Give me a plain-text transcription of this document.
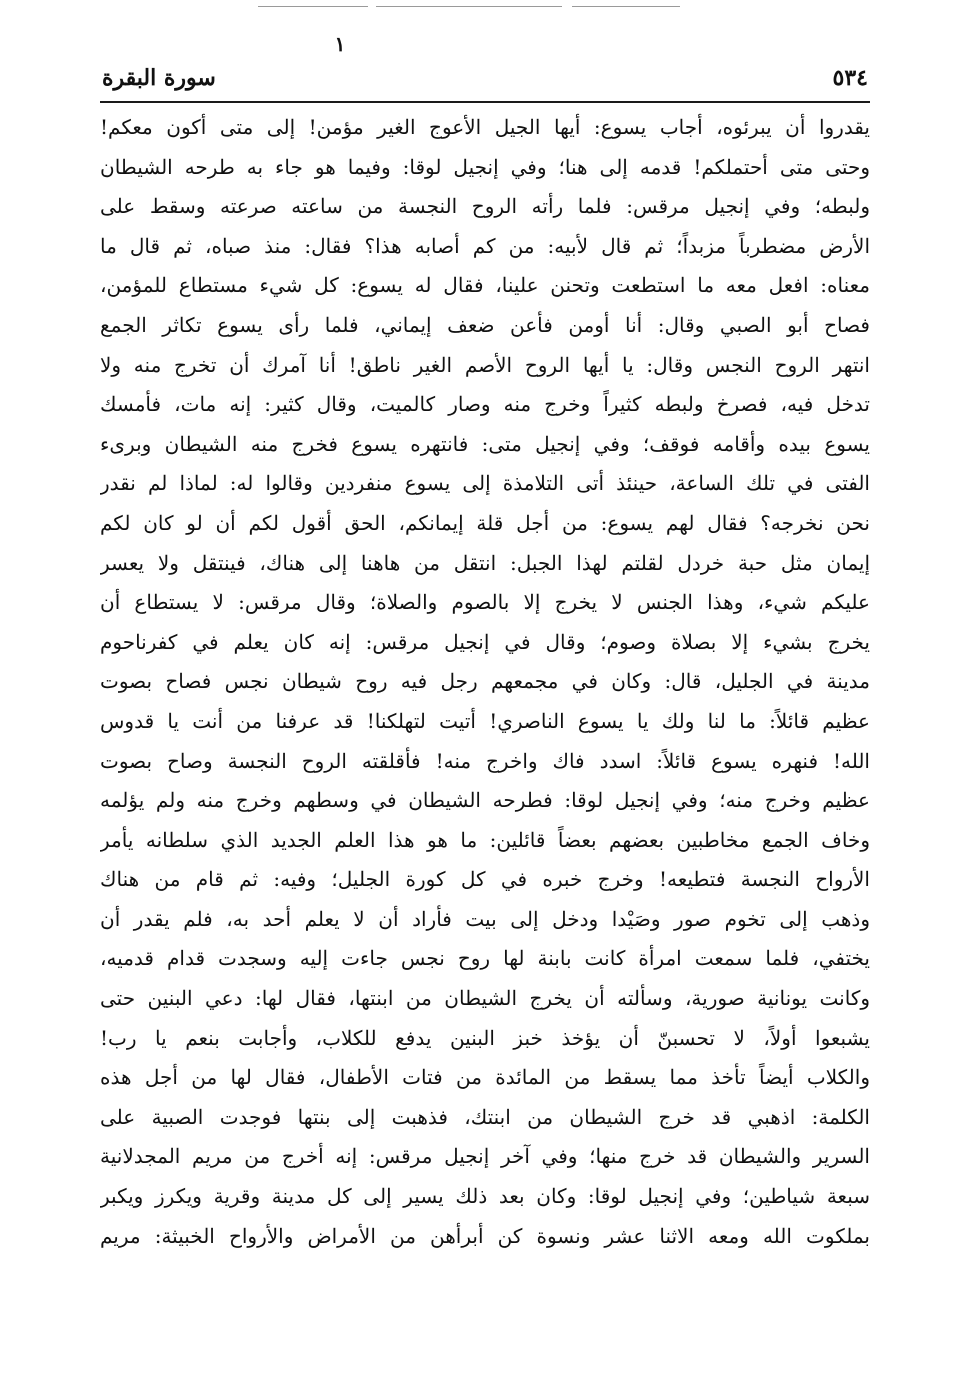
١
٥٣٤
سورة البقرة
يقدروا أن يبرئوه، أجاب يسوع: أيها الجيل الأعوج الغير مؤمن! إلى متى أكون معكم!
وحتى متى أحتملكم! قدمه إلى هنا؛ وفي إنجيل لوقا: وفيما هو جاء به طرحه الشيطان
ولبطه؛ وفي إنجيل مرقس: فلما رأته الروح النجسة من ساعته صرعته وسقط على
الأرض مضطرباً مزبداً؛ ثم قال لأبيه: من كم أصابه هذا؟ فقال: منذ صباه، ثم قال ما
معناه: افعل معه ما استطعت وتحنن علينا، فقال له يسوع: كل شيء مستطاع للمؤمن،
فصاح أبو الصبي وقال: أنا أومن فأعن ضعف إيماني، فلما رأى يسوع تكاثر الجمع
انتهر الروح النجس وقال: يا أيها الروح الأصم الغير ناطق! أنا آمرك أن تخرج منه ولا
تدخل فيه، فصرخ ولبطه كثيراً وخرج منه وصار كالميت، وقال كثير: إنه مات، فأمسك
يسوع بيده وأقامه فوقف؛ وفي إنجيل متى: فانتهره يسوع فخرج منه الشيطان وبرىء
الفتى في تلك الساعة، حينئذ أتى التلامذة إلى يسوع منفردين وقالوا له: لماذا لم نقدر
نحن نخرجه؟ فقال لهم يسوع: من أجل قلة إيمانكم، الحق أقول لكم أن لو كان لكم
إيمان مثل حبة خردل لقلتم لهذا الجبل: انتقل من هاهنا إلى هناك، فينتقل ولا يعسر
عليكم شيء، وهذا الجنس لا يخرج إلا بالصوم والصلاة؛ وقال مرقس: لا يستطاع أن
يخرج بشيء إلا بصلاة وصوم؛ وقال في إنجيل مرقس: إنه كان يعلم في كفرناحوم
مدينة في الجليل، قال: وكان في مجمعهم رجل فيه روح شيطان نجس فصاح بصوت
عظيم قائلاً: ما لنا ولك يا يسوع الناصري! أتيت لتهلكنا! قد عرفنا من أنت يا قدوس
الله! فنهره يسوع قائلاً: اسدد فاك واخرج منه! فأقلقته الروح النجسة وصاح بصوت
عظيم وخرج منه؛ وفي إنجيل لوقا: فطرحه الشيطان في وسطهم وخرج منه ولم يؤلمه
وخاف الجمع مخاطبين بعضهم بعضاً قائلين: ما هو هذا العلم الجديد الذي سلطانه يأمر
الأرواح النجسة فتطيعه! وخرج خبره في كل كورة الجليل؛ وفيه: ثم قام من هناك
وذهب إلى تخوم صور وصَيْدا ودخل إلى بيت فأراد أن لا يعلم أحد به، فلم يقدر أن
يختفي، فلما سمعت امرأة كانت بابنة لها روح نجس جاءت إليه وسجدت قدام قدميه،
وكانت يونانية صورية، وسألته أن يخرج الشيطان من ابنتها، فقال لها: دعي البنين حتى
يشبعوا أولاً، لا تحسبنّ أن يؤخذ خبز البنين يدفع للكلاب، وأجابت بنعم يا رب!
والكلاب أيضاً تأخذ مما يسقط من المائدة من فتات الأطفال، فقال لها من أجل هذه
الكلمة: اذهبي قد خرج الشيطان من ابنتك، فذهبت إلى بنتها فوجدت الصبية على
السرير والشيطان قد خرج منها؛ وفي آخر إنجيل مرقس: إنه أخرج من مريم المجدلانية
سبعة شياطين؛ وفي إنجيل لوقا: وكان بعد ذلك يسير إلى كل مدينة وقرية ويكرز ويكبر
بملكوت الله ومعه الاثنا عشر ونسوة كن أبرأهن من الأمراض والأرواح الخبيثة: مريم
